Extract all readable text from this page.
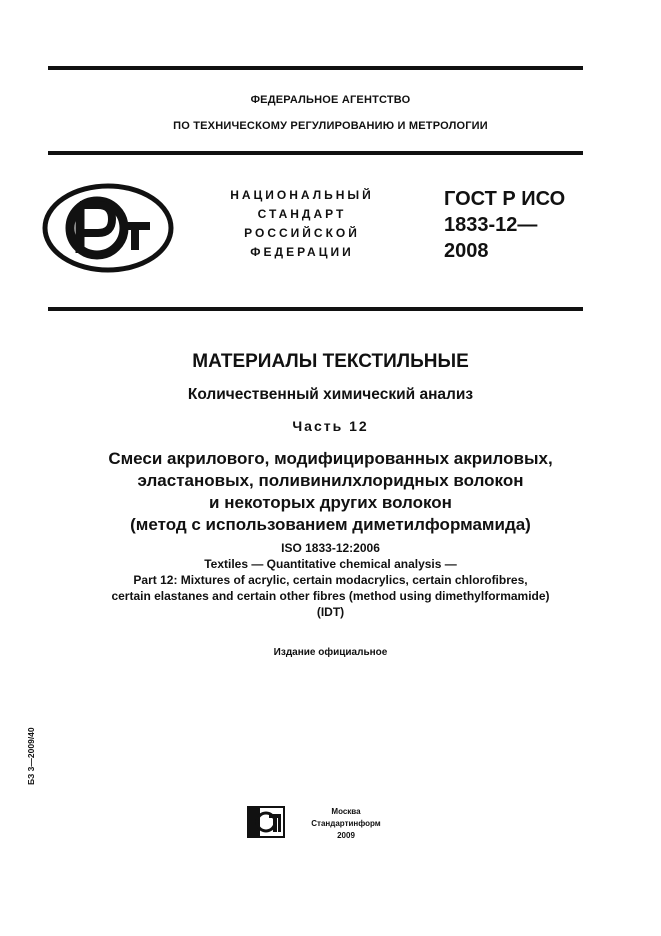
ФЕДЕРАЛЬНОЕ АГЕНТСТВО
ПО ТЕХНИЧЕСКОМУ РЕГУЛИРОВАНИЮ И МЕТРОЛОГИИ
НАЦИОНАЛЬНЫЙ
СТАНДАРТ
РОССИЙСКОЙ
ФЕДЕРАЦИИ
ГОСТ Р ИСО
1833-12—
2008
МАТЕРИАЛЫ ТЕКСТИЛЬНЫЕ
Количественный химический анализ
Часть 12
Смеси акрилового, модифицированных акриловых,
эластановых, поливинилхлоридных волокон
и некоторых других волокон
(метод с использованием диметилформамида)
ISO 1833-12:2006
Textiles — Quantitative chemical analysis —
Part 12: Mixtures of acrylic, certain modacrylics, certain chlorofibres,
certain elastanes and certain other fibres (method using dimethylformamide)
(IDT)
Издание официальное
БЗ 3—2009/40
Москва
Стандартинформ
2009
